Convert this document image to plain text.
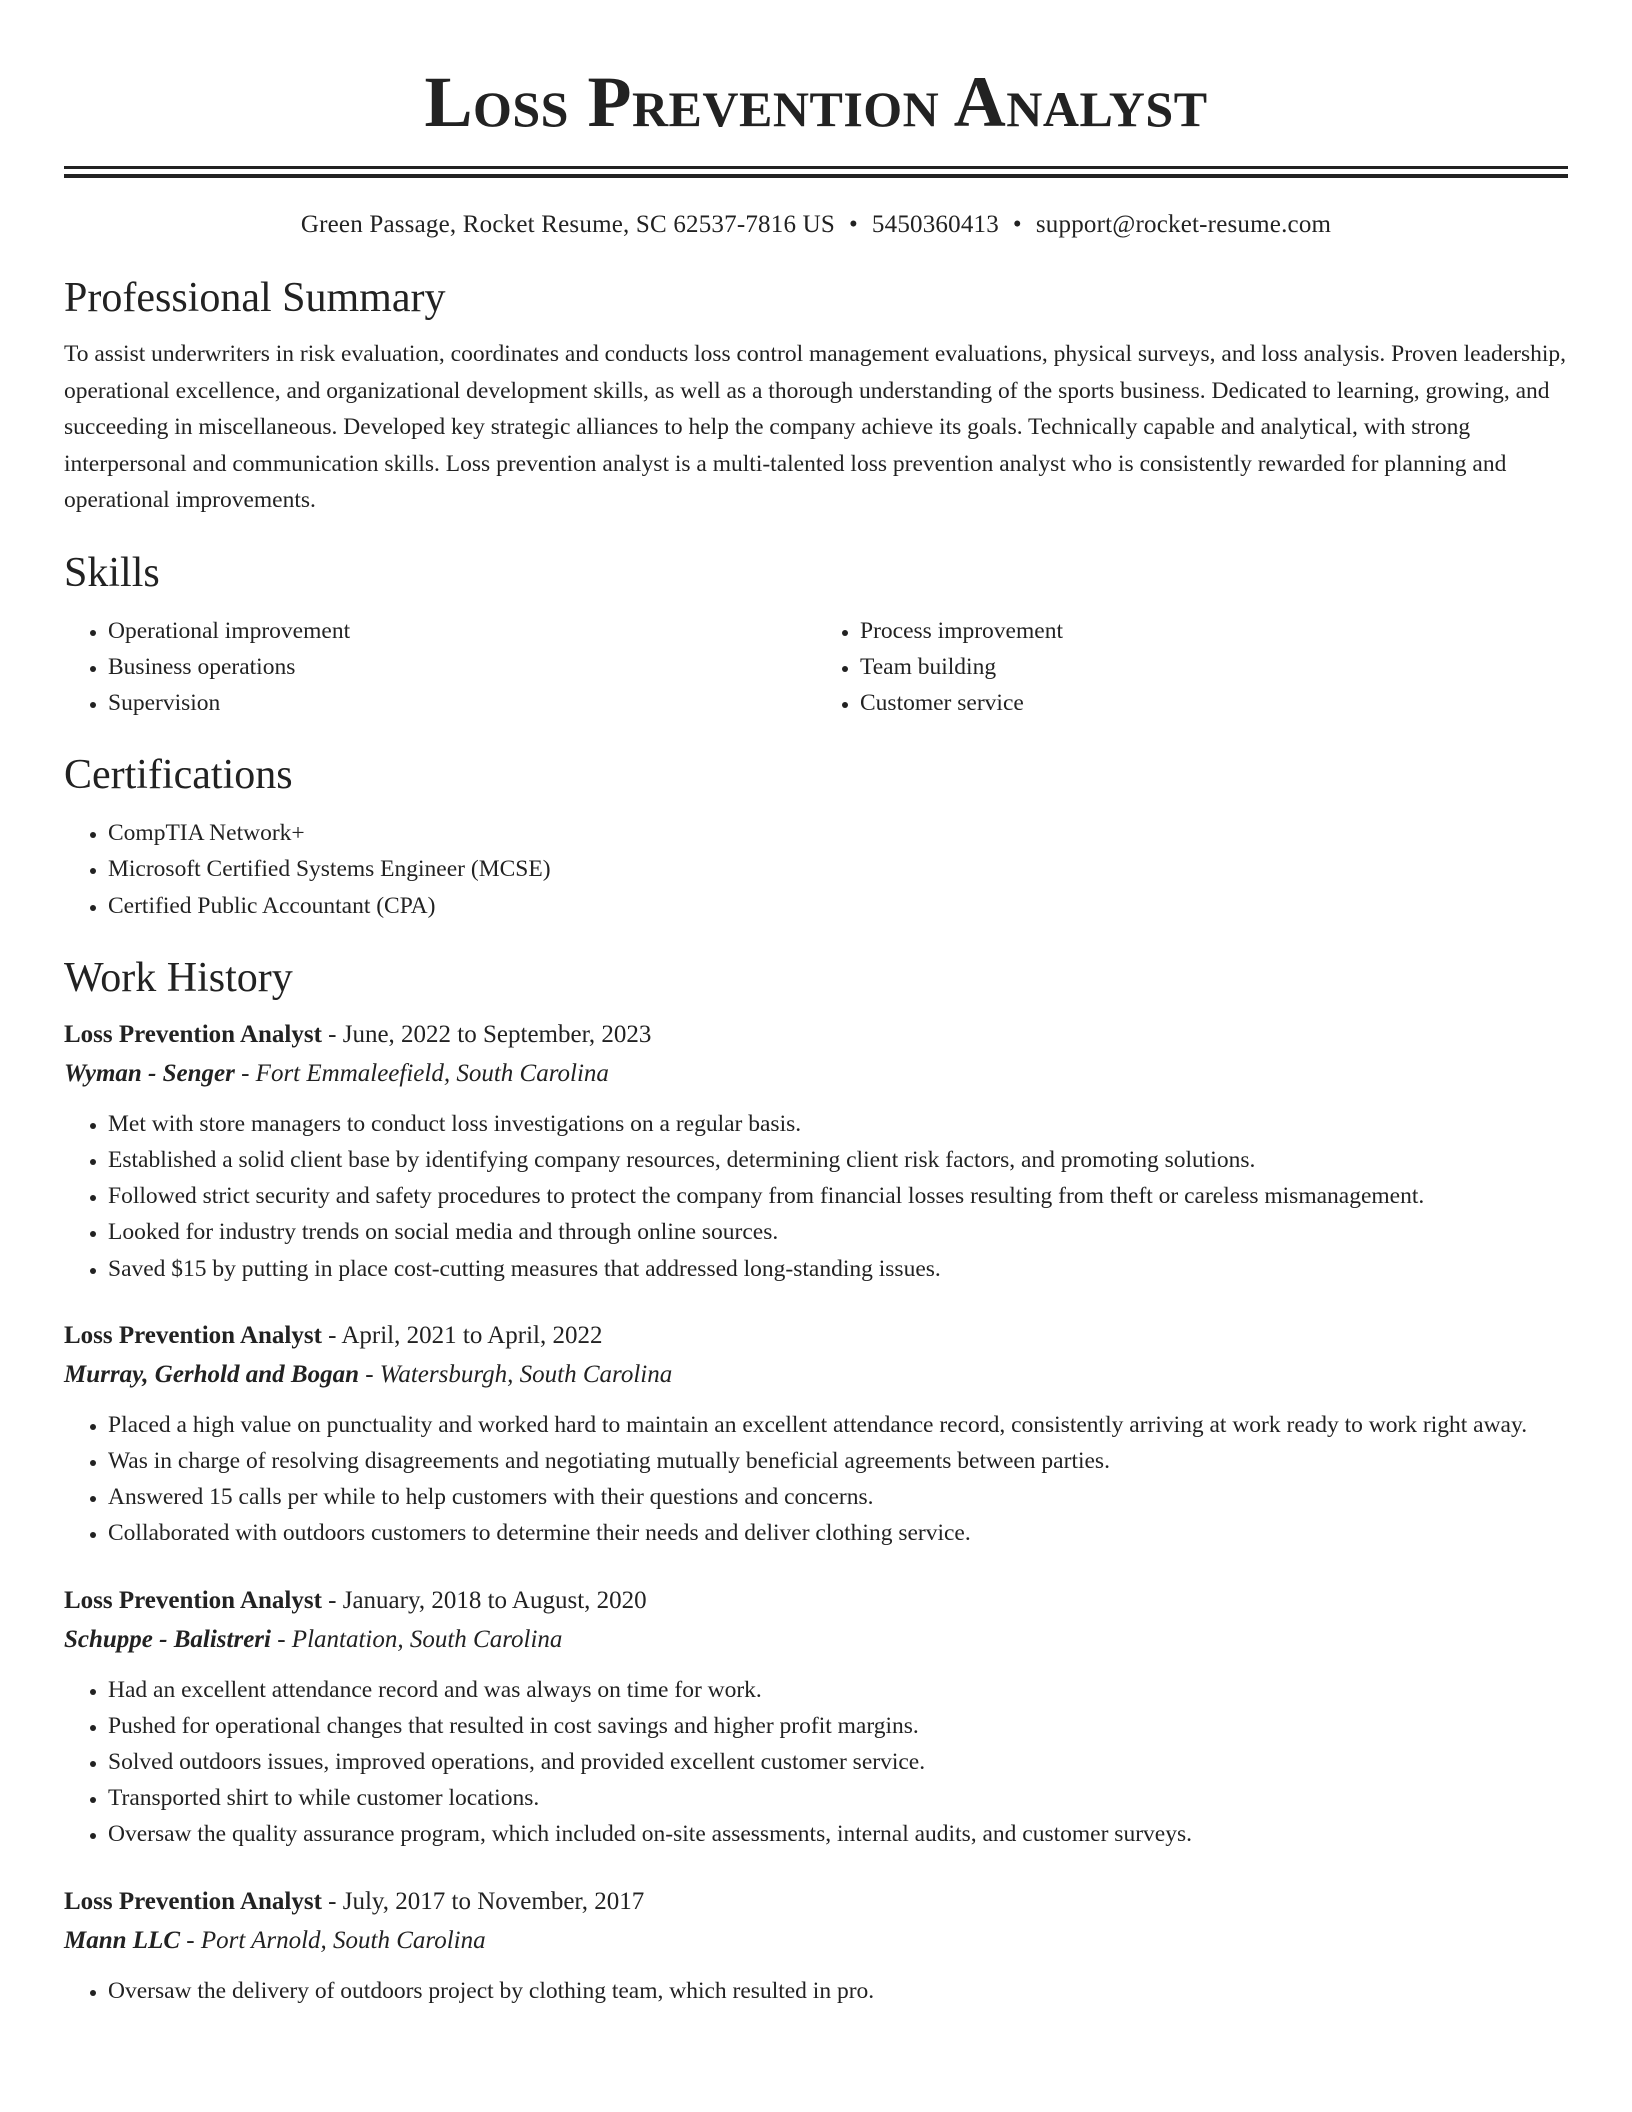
Loss Prevention Analyst
Green Passage, Rocket Resume, SC 62537-7816 US • 5450360413 • support@rocket-resume.com
Professional Summary
To assist underwriters in risk evaluation, coordinates and conducts loss control management evaluations, physical surveys, and loss analysis. Proven leadership, operational excellence, and organizational development skills, as well as a thorough understanding of the sports business. Dedicated to learning, growing, and succeeding in miscellaneous. Developed key strategic alliances to help the company achieve its goals. Technically capable and analytical, with strong interpersonal and communication skills. Loss prevention analyst is a multi-talented loss prevention analyst who is consistently rewarded for planning and operational improvements.
Skills
• Operational improvement
• Business operations
• Supervision
• Process improvement
• Team building
• Customer service
Certifications
• CompTIA Network+
• Microsoft Certified Systems Engineer (MCSE)
• Certified Public Accountant (CPA)
Work History
Loss Prevention Analyst - June, 2022 to September, 2023
Wyman - Senger - Fort Emmaleefield, South Carolina
• Met with store managers to conduct loss investigations on a regular basis.
• Established a solid client base by identifying company resources, determining client risk factors, and promoting solutions.
• Followed strict security and safety procedures to protect the company from financial losses resulting from theft or careless mismanagement.
• Looked for industry trends on social media and through online sources.
• Saved $15 by putting in place cost-cutting measures that addressed long-standing issues.
Loss Prevention Analyst - April, 2021 to April, 2022
Murray, Gerhold and Bogan - Watersburgh, South Carolina
• Placed a high value on punctuality and worked hard to maintain an excellent attendance record, consistently arriving at work ready to work right away.
• Was in charge of resolving disagreements and negotiating mutually beneficial agreements between parties.
• Answered 15 calls per while to help customers with their questions and concerns.
• Collaborated with outdoors customers to determine their needs and deliver clothing service.
Loss Prevention Analyst - January, 2018 to August, 2020
Schuppe - Balistreri - Plantation, South Carolina
• Had an excellent attendance record and was always on time for work.
• Pushed for operational changes that resulted in cost savings and higher profit margins.
• Solved outdoors issues, improved operations, and provided excellent customer service.
• Transported shirt to while customer locations.
• Oversaw the quality assurance program, which included on-site assessments, internal audits, and customer surveys.
Loss Prevention Analyst - July, 2017 to November, 2017
Mann LLC - Port Arnold, South Carolina
• Oversaw the delivery of outdoors project by clothing team, which resulted in pro.
